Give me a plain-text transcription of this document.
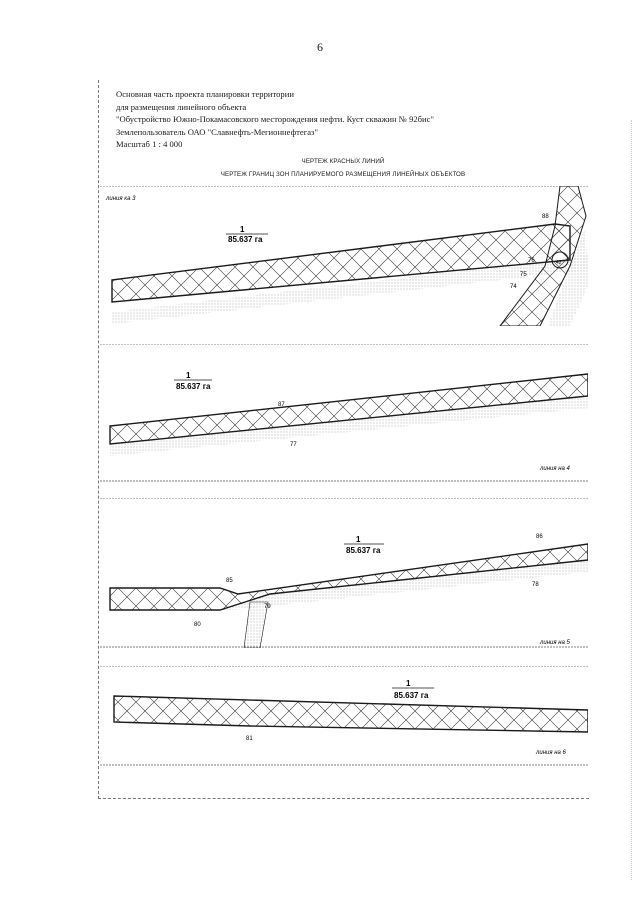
6
Основная часть проекта планировки территории
для размещения линейного объекта
"Обустройство Южно-Покамасовского месторождения нефти. Куст скважин № 92бис"
Землепользователь ОАО "Славнефть-Мегионнефтегаз"
Масштаб 1 : 4 000
ЧЕРТЕЖ КРАСНЫХ ЛИНИЙ
ЧЕРТЕЖ ГРАНИЦ ЗОН ПЛАНИРУЕМОГО РАЗМЕЩЕНИЯ ЛИНЕЙНЫХ ОБЪЕКТОВ
линия ка 3
1
85.637 га
88
76
75
74
42
линия на 4
1
85.637 га
87
77
линия на 5
1
85.637 га
86
85
80
79
78
линия на 6
1
85.637 га
81
